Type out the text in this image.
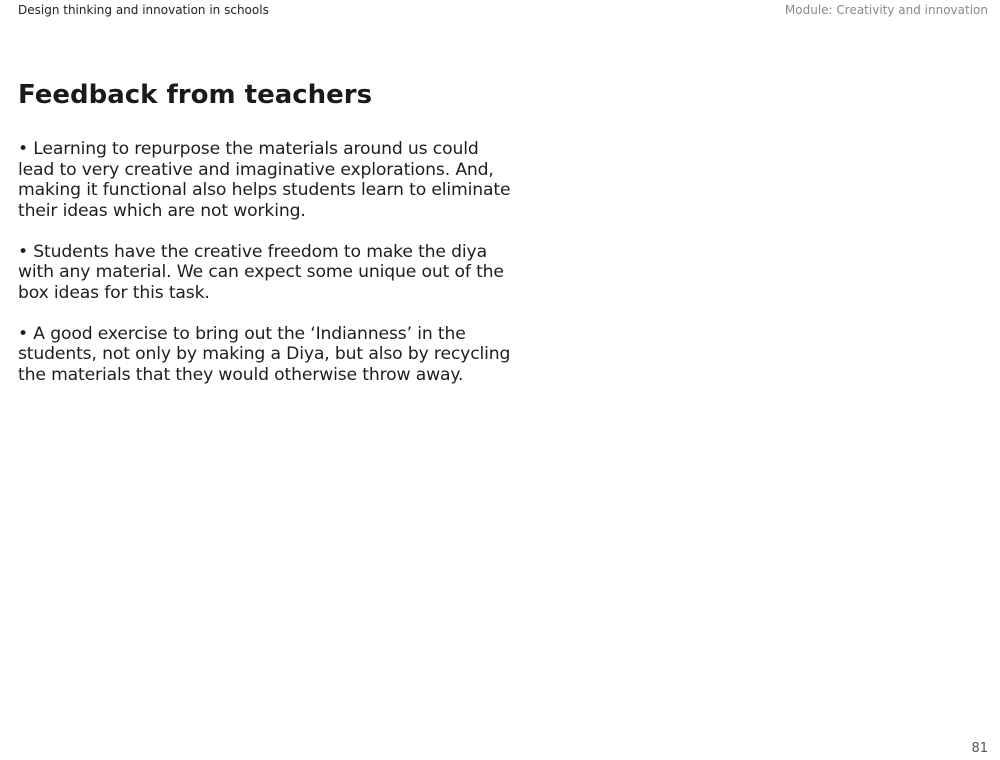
Design thinking and innovation in schools	Module: Creativity and innovation
Feedback from teachers
• Learning to repurpose the materials around us could
lead to very creative and imaginative explorations. And,
making it functional also helps students learn to eliminate
their ideas which are not working.
• Students have the creative freedom to make the diya
with any material. We can expect some unique out of the
box ideas for this task.
• A good exercise to bring out the ‘Indianness’ in the
students, not only by making a Diya, but also by recycling
the materials that they would otherwise throw away.
81
